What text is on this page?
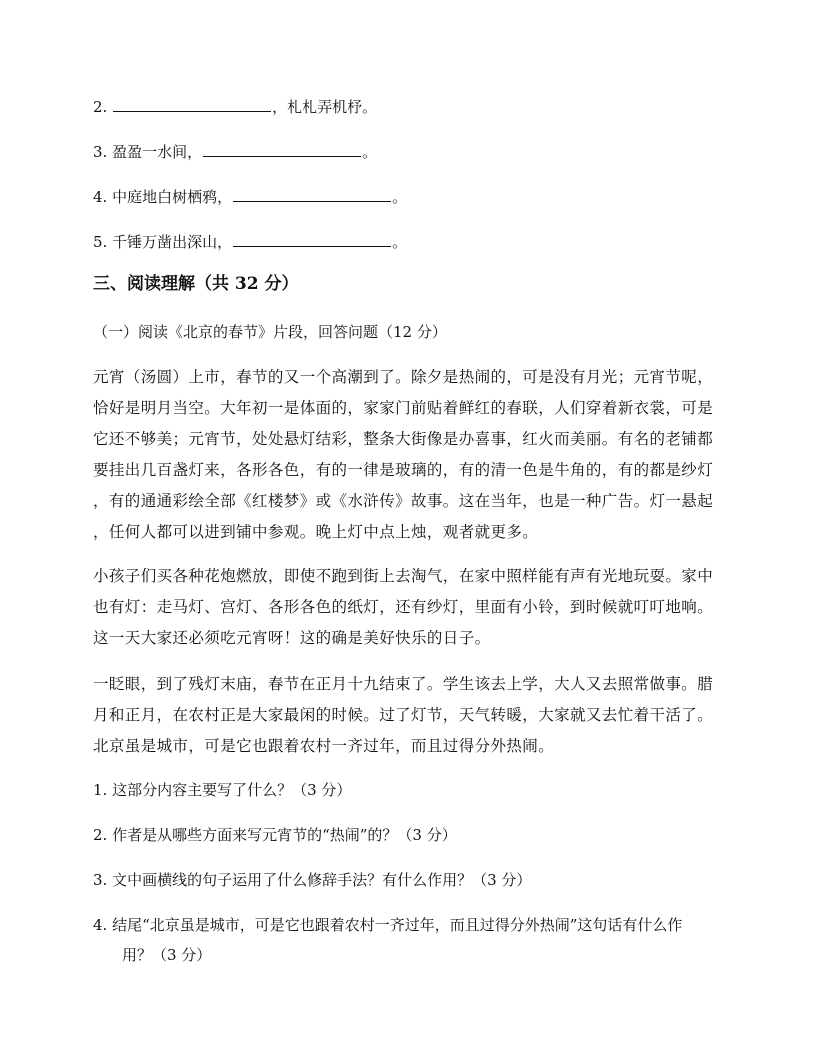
2.	，札札弄机杼。
3. 盈盈一水间，	。
4. 中庭地白树栖鸦，	。
5. 千锤万凿出深山，	。
三、阅读理解（共 32 分）
（一）阅读《北京的春节》片段，回答问题（12 分）
元宵（汤圆）上市，春节的又一个高潮到了。除夕是热闹的，可是没有月光；元宵节呢，
恰好是明月当空。大年初一是体面的，家家门前贴着鲜红的春联，人们穿着新衣裳，可是
它还不够美；元宵节，处处悬灯结彩，整条大街像是办喜事，红火而美丽。有名的老铺都
要挂出几百盏灯来，各形各色，有的一律是玻璃的，有的清一色是牛角的，有的都是纱灯
，有的通通彩绘全部《红楼梦》或《水浒传》故事。这在当年，也是一种广告。灯一悬起
，任何人都可以进到铺中参观。晚上灯中点上烛，观者就更多。
小孩子们买各种花炮燃放，即使不跑到街上去淘气，在家中照样能有声有光地玩耍。家中
也有灯：走马灯、宫灯、各形各色的纸灯，还有纱灯，里面有小铃，到时候就叮叮地响。
这一天大家还必须吃元宵呀！这的确是美好快乐的日子。
一眨眼，到了残灯末庙，春节在正月十九结束了。学生该去上学，大人又去照常做事。腊
月和正月，在农村正是大家最闲的时候。过了灯节，天气转暖，大家就又去忙着干活了。
北京虽是城市，可是它也跟着农村一齐过年，而且过得分外热闹。
1. 这部分内容主要写了什么？（3 分）
2. 作者是从哪些方面来写元宵节的“热闹”的？（3 分）
3. 文中画横线的句子运用了什么修辞手法？有什么作用？（3 分）
4. 结尾“北京虽是城市，可是它也跟着农村一齐过年，而且过得分外热闹”这句话有什么作
用？（3 分）
